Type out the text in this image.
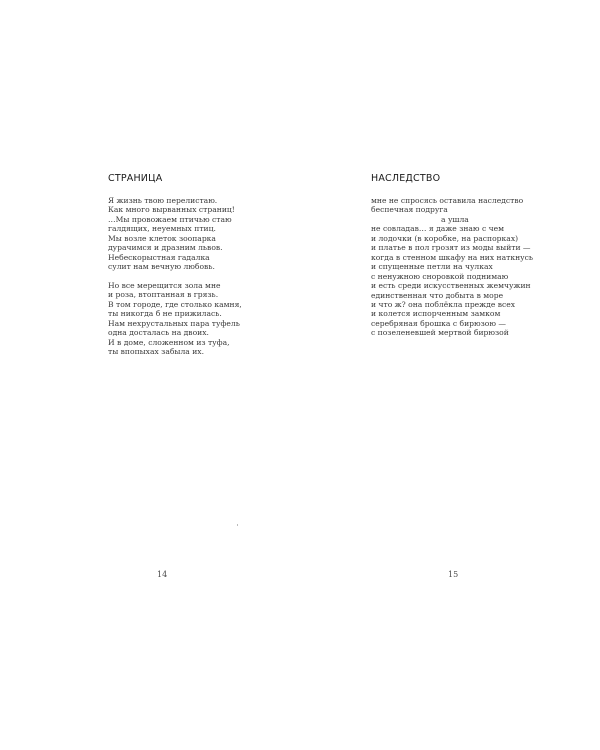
СТРАНИЦА
Я жизнь твою перелистаю.
Как много вырванных страниц!
…Мы провожаем птичью стаю
галдящих, неуемных птиц.
Мы возле клеток зоопарка
дурачимся и дразним львов.
Небескорыстная гадалка
сулит нам вечную любовь.
Но все мерещится зола мне
и роза, втоптанная в грязь.
В том городе, где столько камня,
ты никогда б не прижилась.
Нам нехрустальных пара туфель
одна досталась на двоих.
И в доме, сложенном из туфа,
ты впопыхах забыла их.
14
НАСЛЕДСТВО
мне не спросясь оставила наследство
беспечная подруга
а ушла
не совладав… я даже знаю с чем
и лодочки (в коробке, на распорках)
и платье в пол грозят из моды выйти —
когда в стенном шкафу на них наткнусь
и спущенные петли на чулках
с ненужною сноровкой поднимаю
и есть среди искусственных жемчужин
единственная что добыта в море
и что ж? она поблёкла прежде всех
и колется испорченным замком
серебряная брошка с бирюзою —
с позеленевшей мертвой бирюзой
15
